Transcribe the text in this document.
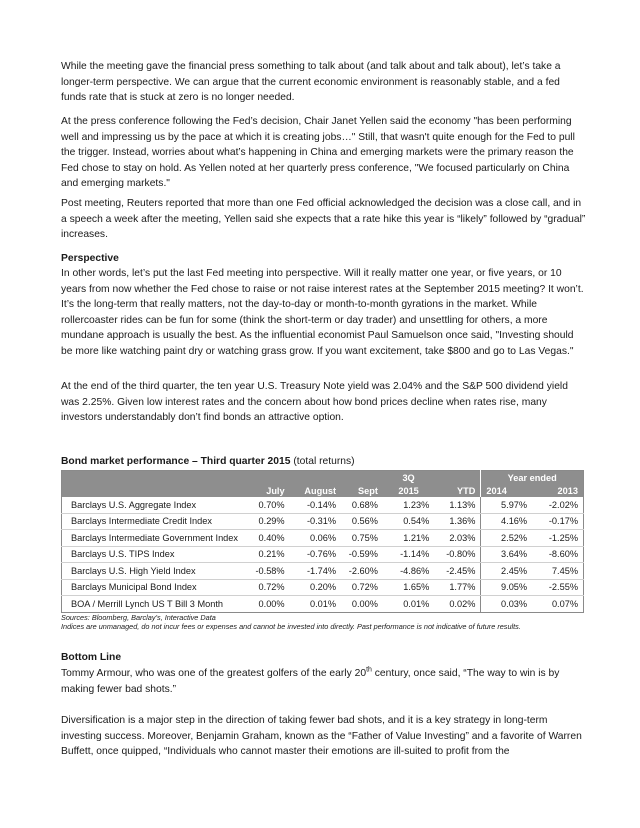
While the meeting gave the financial press something to talk about (and talk about and talk about), let’s take a longer-term perspective. We can argue that the current economic environment is reasonably stable, and a fed funds rate that is stuck at zero is no longer needed.

At the press conference following the Fed’s decision, Chair Janet Yellen said the economy "has been performing well and impressing us by the pace at which it is creating jobs…" Still, that wasn't quite enough for the Fed to pull the trigger. Instead, worries about what’s happening in China and emerging markets were the primary reason the Fed chose to stay on hold. As Yellen noted at her quarterly press conference, "We focused particularly on China and emerging markets."

Post meeting, Reuters reported that more than one Fed official acknowledged the decision was a close call, and in a speech a week after the meeting, Yellen said she expects that a rate hike this year is “likely” followed by “gradual” increases.

Perspective

In other words, let’s put the last Fed meeting into perspective. Will it really matter one year, or five years, or 10 years from now whether the Fed chose to raise or not raise interest rates at the September 2015 meeting? It won’t. It’s the long-term that really matters, not the day-to-day or month-to-month gyrations in the market. While rollercoaster rides can be fun for some (think the short-term or day trader) and unsettling for others, a more mundane approach is usually the best. As the influential economist Paul Samuelson once said, "Investing should be more like watching paint dry or watching grass grow. If you want excitement, take $800 and go to Las Vegas."

At the end of the third quarter, the ten year U.S. Treasury Note yield was 2.04% and the S&P 500 dividend yield was 2.25%. Given low interest rates and the concern about how bond prices decline when rates rise, many investors understandably don’t find bonds an attractive option.

Bond market performance – Third quarter 2015 (total returns)

				3Q		Year ended	
	July	August	Sept	2015	YTD	2014	2013
Barclays U.S. Aggregate Index	0.70%	-0.14%	0.68%	1.23%	1.13%	5.97%	-2.02%
Barclays Intermediate Credit Index	0.29%	-0.31%	0.56%	0.54%	1.36%	4.16%	-0.17%
Barclays Intermediate Government Index	0.40%	0.06%	0.75%	1.21%	2.03%	2.52%	-1.25%
Barclays U.S. TIPS Index	0.21%	-0.76%	-0.59%	-1.14%	-0.80%	3.64%	-8.60%
Barclays U.S. High Yield Index	-0.58%	-1.74%	-2.60%	-4.86%	-2.45%	2.45%	7.45%
Barclays Municipal Bond Index	0.72%	0.20%	0.72%	1.65%	1.77%	9.05%	-2.55%
BOA / Merrill Lynch US T Bill 3 Month	0.00%	0.01%	0.00%	0.01%	0.02%	0.03%	0.07%

Sources: Bloomberg, Barclay’s, Interactive Data
Indices are unmanaged, do not incur fees or expenses and cannot be invested into directly. Past performance is not indicative of future results.

Bottom Line

Tommy Armour, who was one of the greatest golfers of the early 20th century, once said, “The way to win is by making fewer bad shots.”

Diversification is a major step in the direction of taking fewer bad shots, and it is a key strategy in long-term investing success. Moreover, Benjamin Graham, known as the “Father of Value Investing” and a favorite of Warren Buffett, once quipped, “Individuals who cannot master their emotions are ill-suited to profit from the
